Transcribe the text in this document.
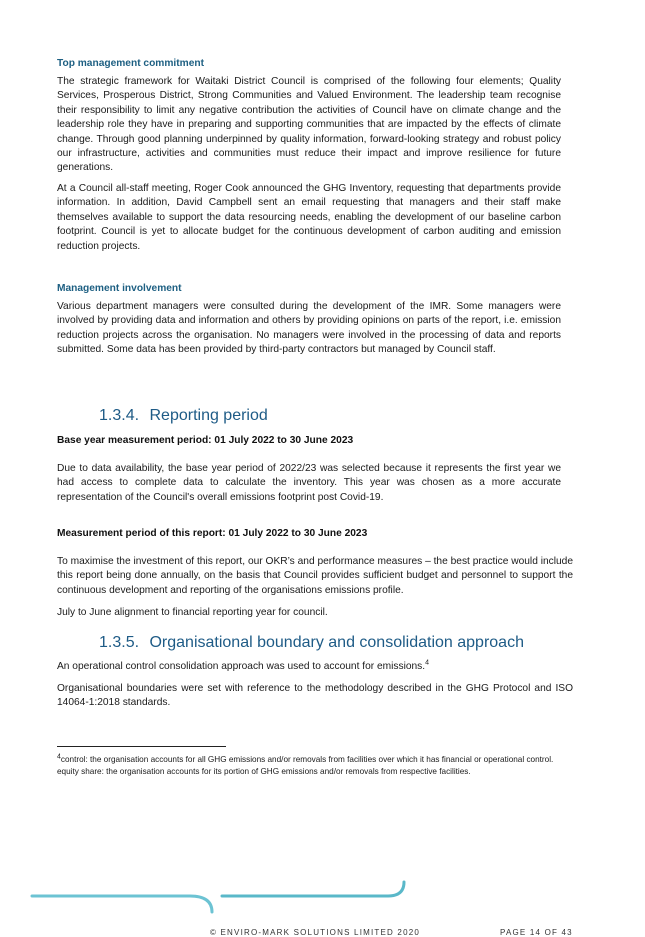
Top management commitment

The strategic framework for Waitaki District Council is comprised of the following four elements; Quality Services, Prosperous District, Strong Communities and Valued Environment. The leadership team recognise their responsibility to limit any negative contribution the activities of Council have on climate change and the leadership role they have in preparing and supporting communities that are impacted by the effects of climate change. Through good planning underpinned by quality information, forward-looking strategy and robust policy our infrastructure, activities and communities must reduce their impact and improve resilience for future generations.

At a Council all-staff meeting, Roger Cook announced the GHG Inventory, requesting that departments provide information. In addition, David Campbell sent an email requesting that managers and their staff make themselves available to support the data resourcing needs, enabling the development of our baseline carbon footprint. Council is yet to allocate budget for the continuous development of carbon auditing and emission reduction projects.

Management involvement

Various department managers were consulted during the development of the IMR. Some managers were involved by providing data and information and others by providing opinions on parts of the report, i.e. emission reduction projects across the organisation. No managers were involved in the processing of data and reports submitted. Some data has been provided by third-party contractors but managed by Council staff.

1.3.4. Reporting period
Base year measurement period: 01 July 2022 to 30 June 2023

Due to data availability, the base year period of 2022/23 was selected because it represents the first year we had access to complete data to calculate the inventory. This year was chosen as a more accurate representation of the Council's overall emissions footprint post Covid-19.

Measurement period of this report: 01 July 2022 to 30 June 2023

To maximise the investment of this report, our OKR’s and performance measures – the best practice would include this report being done annually, on the basis that Council provides sufficient budget and personnel to support the continuous development and reporting of the organisations emissions profile.

July to June alignment to financial reporting year for council.

1.3.5. Organisational boundary and consolidation approach

An operational control consolidation approach was used to account for emissions.$^4$

Organisational boundaries were set with reference to the methodology described in the GHG Protocol and ISO 14064-1:2018 standards.

$^4$control: the organisation accounts for all GHG emissions and/or removals from facilities over which it has financial or operational control. equity share: the organisation accounts for its portion of GHG emissions and/or removals from respective facilities.

© ENVIRO-MARK SOLUTIONS LIMITED 2020	PAGE 14 OF 43
